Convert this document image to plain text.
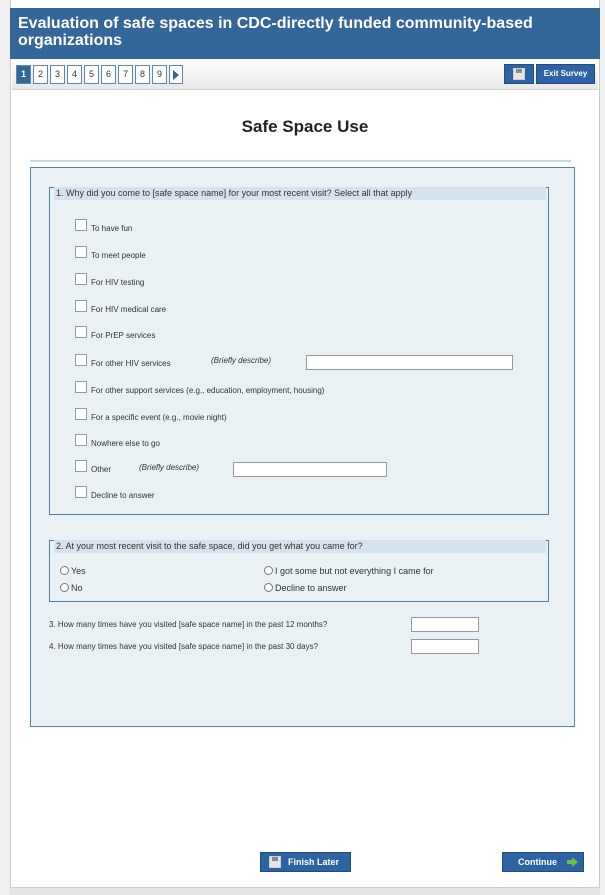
Evaluation of safe spaces in CDC-directly funded community-based organizations
1	2	3	4	5	6	7	8	9	Exit Survey
Safe Space Use
1. Why did you come to [safe space name] for your most recent visit? Select all that apply
To have fun
To meet people
For HIV testing
For HIV medical care
For PrEP services
For other HIV services	(Briefly describe)
For other support services (e.g., education, employment, housing)
For a specific event (e.g., movie night)
Nowhere else to go
Other	(Briefly describe)
Decline to answer
2. At your most recent visit to the safe space, did you get what you came for?
Yes
No
I got some but not everything I came for
Decline to answer
3. How many times have you visited [safe space name] in the past 12 months?
4. How many times have you visited [safe space name] in the past 30 days?
Finish Later	Continue
